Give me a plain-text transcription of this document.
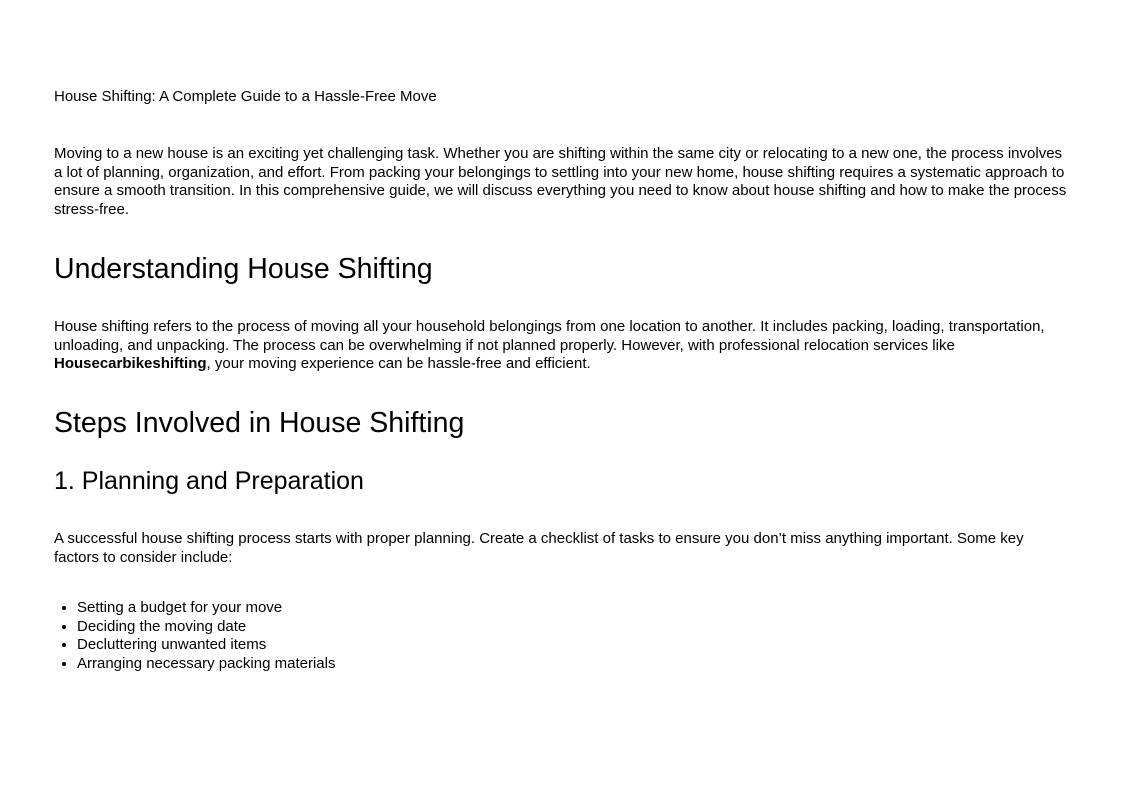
House Shifting: A Complete Guide to a Hassle-Free Move

Moving to a new house is an exciting yet challenging task. Whether you are shifting within the same city or relocating to a new one, the process involves a lot of planning, organization, and effort. From packing your belongings to settling into your new home, house shifting requires a systematic approach to ensure a smooth transition. In this comprehensive guide, we will discuss everything you need to know about house shifting and how to make the process stress-free.

Understanding House Shifting

House shifting refers to the process of moving all your household belongings from one location to another. It includes packing, loading, transportation, unloading, and unpacking. The process can be overwhelming if not planned properly. However, with professional relocation services like Housecarbikeshifting, your moving experience can be hassle-free and efficient.

Steps Involved in House Shifting
1. Planning and Preparation

A successful house shifting process starts with proper planning. Create a checklist of tasks to ensure you don’t miss anything important. Some key factors to consider include:

• Setting a budget for your move
• Deciding the moving date
• Decluttering unwanted items
• Arranging necessary packing materials
